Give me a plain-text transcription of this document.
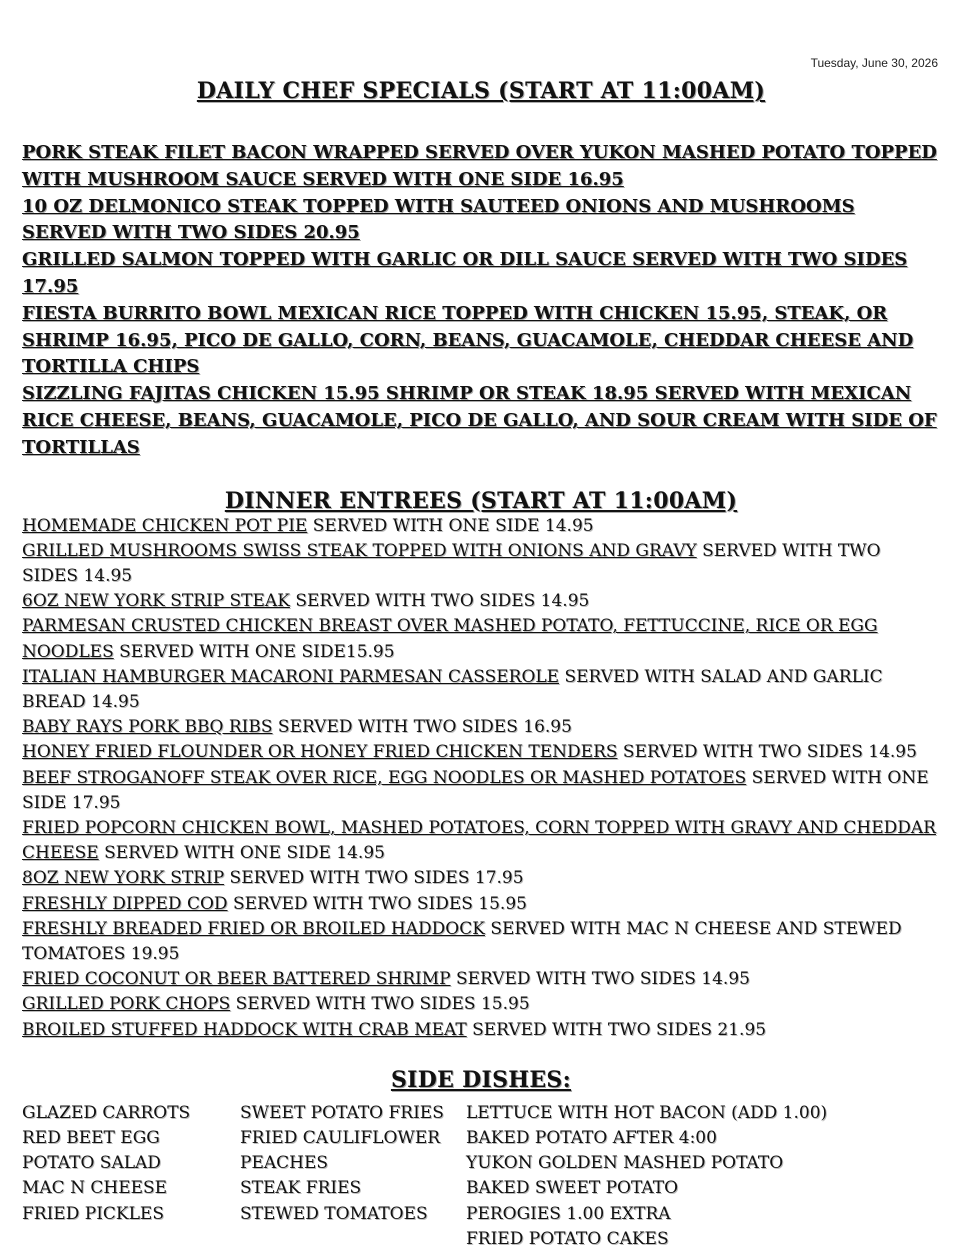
Tuesday, June 30, 2026
DAILY CHEF SPECIALS (START AT 11:00AM)
PORK STEAK FILET BACON WRAPPED SERVED OVER YUKON MASHED POTATO TOPPED WITH MUSHROOM SAUCE SERVED WITH ONE SIDE 16.95
10 OZ DELMONICO STEAK TOPPED WITH SAUTEED ONIONS AND MUSHROOMS SERVED WITH TWO SIDES 20.95
GRILLED SALMON TOPPED WITH GARLIC OR DILL SAUCE SERVED WITH TWO SIDES 17.95
FIESTA BURRITO BOWL MEXICAN RICE TOPPED WITH CHICKEN 15.95, STEAK, OR SHRIMP 16.95, PICO DE GALLO, CORN, BEANS, GUACAMOLE, CHEDDAR CHEESE AND TORTILLA CHIPS
SIZZLING FAJITAS CHICKEN 15.95 SHRIMP OR STEAK 18.95 SERVED WITH MEXICAN RICE CHEESE, BEANS, GUACAMOLE, PICO DE GALLO, AND SOUR CREAM WITH SIDE OF TORTILLAS
DINNER ENTREES (START AT 11:00AM)
HOMEMADE CHICKEN POT PIE SERVED WITH ONE SIDE 14.95
GRILLED MUSHROOMS SWISS STEAK TOPPED WITH ONIONS AND GRAVY SERVED WITH TWO SIDES 14.95
6OZ NEW YORK STRIP STEAK SERVED WITH TWO SIDES 14.95
PARMESAN CRUSTED CHICKEN BREAST OVER MASHED POTATO, FETTUCCINE, RICE OR EGG NOODLES SERVED WITH ONE SIDE15.95
ITALIAN HAMBURGER MACARONI PARMESAN CASSEROLE SERVED WITH SALAD AND GARLIC BREAD 14.95
BABY RAYS PORK BBQ RIBS SERVED WITH TWO SIDES 16.95
HONEY FRIED FLOUNDER OR HONEY FRIED CHICKEN TENDERS SERVED WITH TWO SIDES 14.95
BEEF STROGANOFF STEAK OVER RICE, EGG NOODLES OR MASHED POTATOES SERVED WITH ONE SIDE 17.95
FRIED POPCORN CHICKEN BOWL, MASHED POTATOES, CORN TOPPED WITH GRAVY AND CHEDDAR CHEESE SERVED WITH ONE SIDE 14.95
8OZ NEW YORK STRIP SERVED WITH TWO SIDES 17.95
FRESHLY DIPPED COD SERVED WITH TWO SIDES 15.95
FRESHLY BREADED FRIED OR BROILED HADDOCK SERVED WITH MAC N CHEESE AND STEWED TOMATOES 19.95
FRIED COCONUT OR BEER BATTERED SHRIMP SERVED WITH TWO SIDES 14.95
GRILLED PORK CHOPS SERVED WITH TWO SIDES 15.95
BROILED STUFFED HADDOCK WITH CRAB MEAT SERVED WITH TWO SIDES 21.95
SIDE DISHES:
GLAZED CARROTS
RED BEET EGG
POTATO SALAD
MAC N CHEESE
FRIED PICKLES
SWEET POTATO FRIES
FRIED CAULIFLOWER
PEACHES
STEAK FRIES
STEWED TOMATOES
LETTUCE WITH HOT BACON (ADD 1.00)
BAKED POTATO AFTER 4:00
YUKON GOLDEN MASHED POTATO
BAKED SWEET POTATO
PEROGIES 1.00 EXTRA
FRIED POTATO CAKES
